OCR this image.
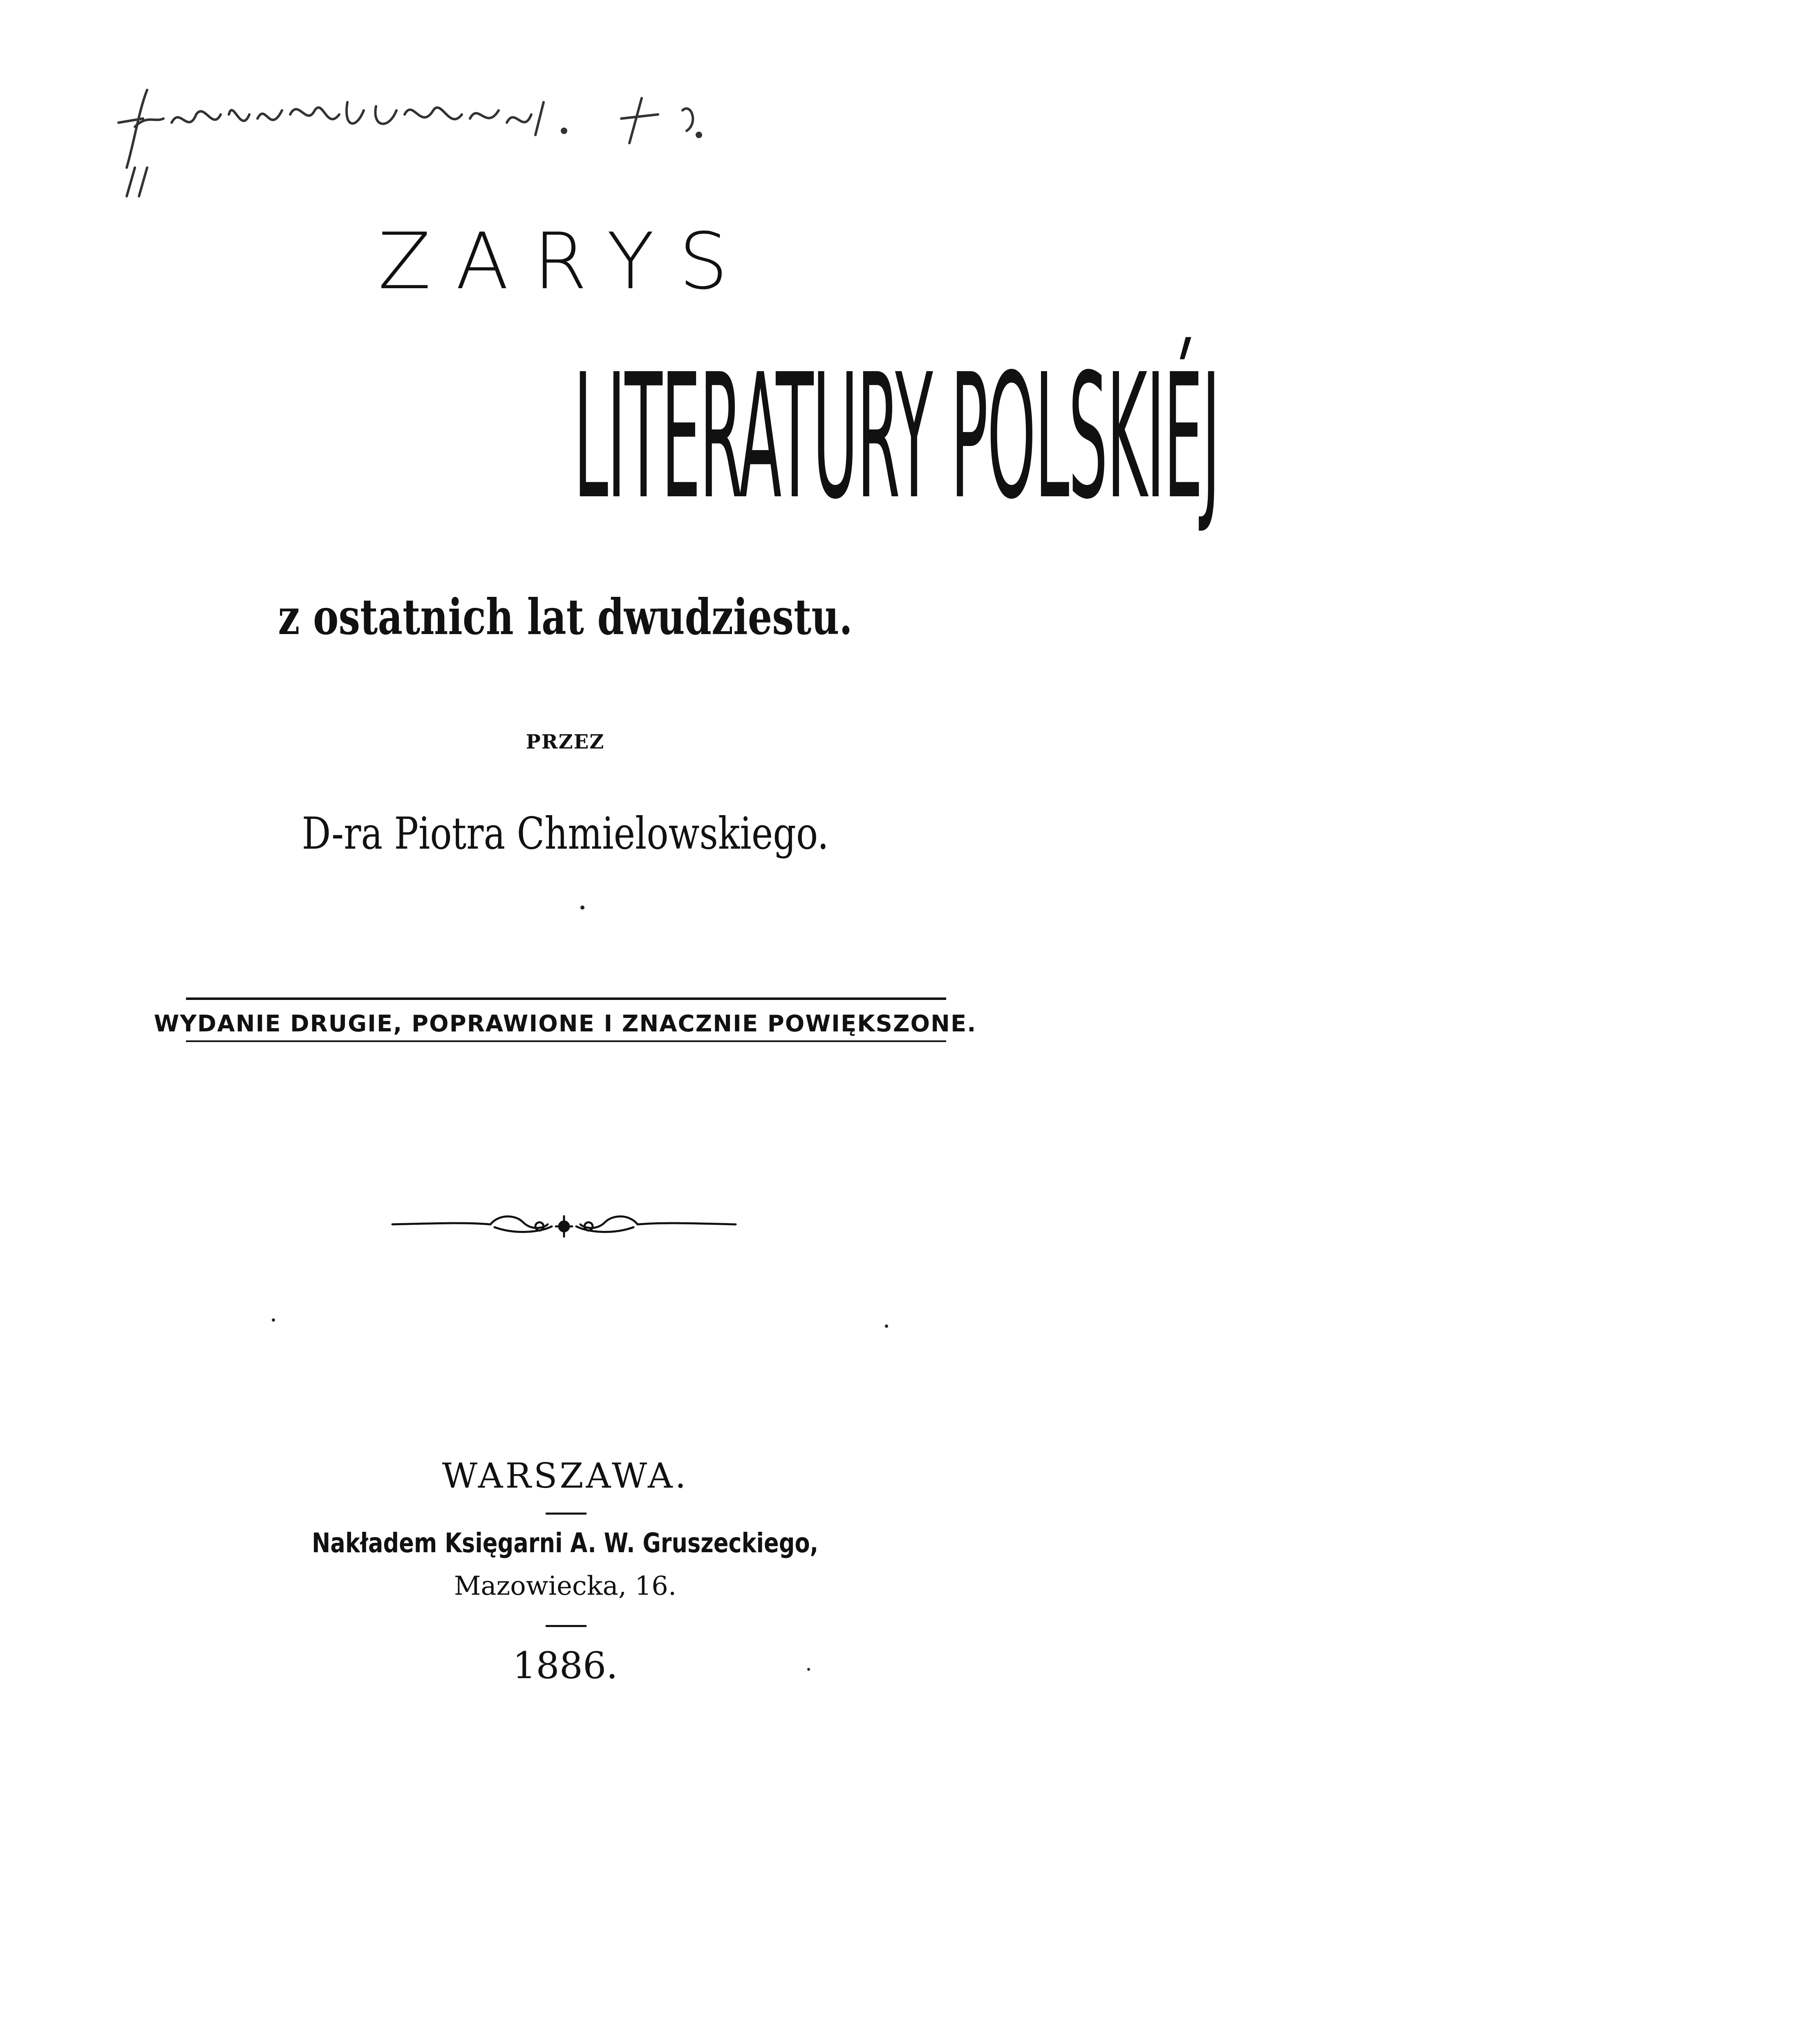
ZARYS
LITERATURY POLSKIÉJ
z ostatnich lat dwudziestu.
PRZEZ
D-ra Piotra Chmielowskiego.
WYDANIE DRUGIE, POPRAWIONE I ZNACZNIE POWIĘKSZONE.
WARSZAWA.
Nakładem Księgarni A. W. Gruszeckiego,
Mazowiecka, 16.
1886.
